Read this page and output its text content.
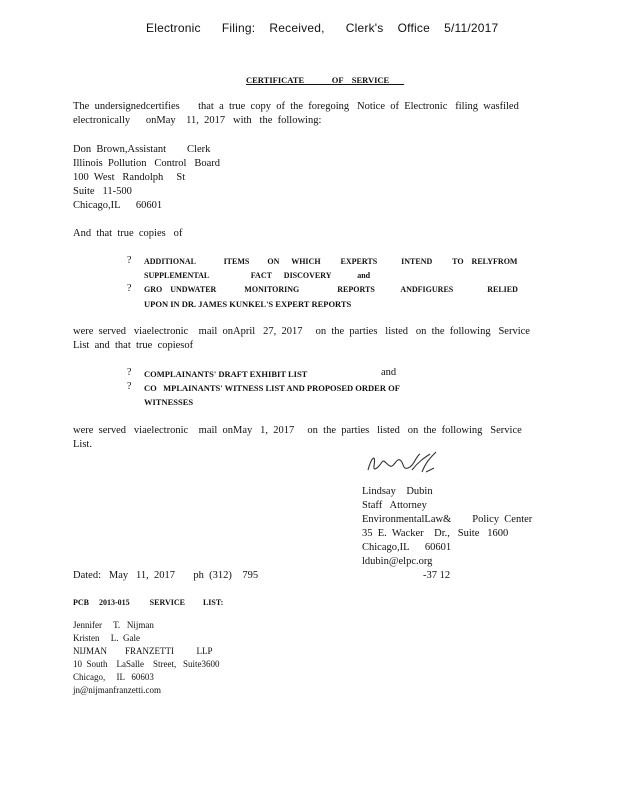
Electronic      Filing:    Received,      Clerk's    Office    5/11/2017
CERTIFICATE             OF    SERVICE
The  undersignedcertifies       that  a  true  copy  of  the  foregoing   Notice  of  Electronic   filing  wasfiled
electronically      onMay    11,  2017   with   the  following:
Don  Brown,Assistant        Clerk
Illinois  Pollution   Control   Board
100  West   Randolph     St
Suite   11-500
Chicago,IL      60601
And  that  true  copies   of
? ADDITIONAL              ITEMS         ON      WHICH          EXPERTS            INTEND          TO    RELYFROM
SUPPLEMENTAL                     FACT      DISCOVERY             and
? GRO    UNDWATER              MONITORING                   REPORTS             ANDFIGURES                 RELIED
UPON IN DR. JAMES KUNKEL'S EXPERT REPORTS
were  served   viaelectronic    mail  onApril   27,  2017     on  the  parties   listed   on  the  following   Service
List  and  that  true  copiesof
? COMPLAINANTS' DRAFT EXHIBIT LIST	and
? CO   MPLAINANTS' WITNESS LIST AND PROPOSED ORDER OF
WITNESSES
were  served   viaelectronic    mail  onMay   1,  2017     on  the  parties   listed   on  the  following   Service
List.
Lindsay    Dubin
Staff   Attorney
EnvironmentalLaw&        Policy  Center
35  E.  Wacker    Dr.,   Suite   1600
Chicago,IL      60601
ldubin@elpc.org
Dated:   May   11,  2017       ph  (312)    795	-37 12
PCB     2013-015          SERVICE         LIST:
Jennifer     T.   Nijman
Kristen     L.  Gale
NIJMAN        FRANZETTI          LLP
10  South    LaSalle    Street,   Suite3600
Chicago,     IL   60603
jn@nijmanfranzetti.com
